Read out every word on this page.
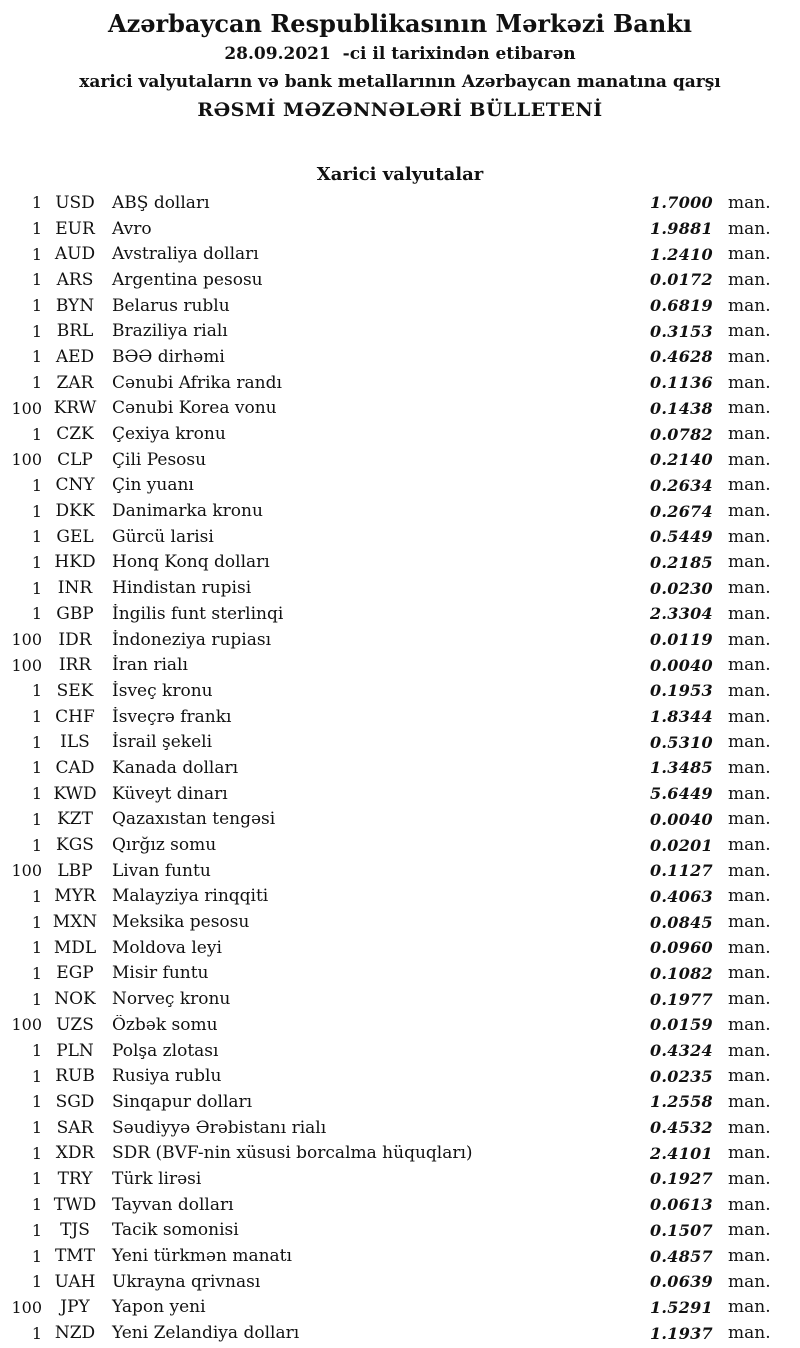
Azərbaycan Respublikasının Mərkəzi Bankı
28.09.2021  -ci il tarixindən etibarən
xarici valyutaların və bank metallarının Azərbaycan manatına qarşı
RƏSMİ MƏZƏNNƏLƏRİ BÜLLETENİ
Xarici valyutalar
1 USD	ABŞ dolları	1.7000 man.
1 EUR	Avro	1.9881 man.
1 AUD Avstraliya dolları	1.2410 man.
1 ARS	Argentina pesosu	0.0172 man.
1 BYN	Belarus rublu	0.6819 man.
1 BRL	Braziliya rialı	0.3153 man.
1 AED	BƏƏ dirhəmi	0.4628 man.
1 ZAR	Cənubi Afrika randı	0.1136 man.
100 KRW Cənubi Korea vonu	0.1438 man.
1 CZK	Çexiya kronu	0.0782 man.
100 CLP	Çili Pesosu	0.2140 man.
1 CNY	Çin yuanı	0.2634 man.
1 DKK	Danimarka kronu	0.2674 man.
1 GEL	Gürcü larisi	0.5449 man.
1 HKD Honq Konq dolları	0.2185 man.
1 INR	Hindistan rupisi	0.0230 man.
1 GBP	İngilis funt sterlinqi	2.3304 man.
100 IDR	İndoneziya rupiası	0.0119 man.
100 IRR	İran rialı	0.0040 man.
1 SEK	İsveç kronu	0.1953 man.
1 CHF	İsveçrə frankı	1.8344 man.
1	ILS	İsrail şekeli	0.5310 man.
1 CAD	Kanada dolları	1.3485 man.
1 KWD Küveyt dinarı	5.6449 man.
1 KZT	Qazaxıstan tengəsi	0.0040 man.
1 KGS	Qırğız somu	0.0201 man.
100 LBP	Livan funtu	0.1127 man.
1 MYR Malayziya rinqqiti	0.4063 man.
1 MXN Meksika pesosu	0.0845 man.
1 MDL Moldova leyi	0.0960 man.
1 EGP	Misir funtu	0.1082 man.
1 NOK Norveç kronu	0.1977 man.
100 UZS	Özbək somu	0.0159 man.
1 PLN	Polşa zlotası	0.4324 man.
1 RUB	Rusiya rublu	0.0235 man.
1 SGD	Sinqapur dolları	1.2558 man.
1 SAR	Səudiyyə Ərəbistanı rialı	0.4532 man.
1 XDR	SDR (BVF-nin xüsusi borcalma hüquqları)	2.4101 man.
1 TRY	Türk lirəsi	0.1927 man.
1 TWD Tayvan dolları	0.0613 man.
1	TJS	Tacik somonisi	0.1507 man.
1 TMT Yeni türkmən manatı	0.4857 man.
1 UAH Ukrayna qrivnası	0.0639 man.
100	JPY	Yapon yeni	1.5291 man.
1 NZD Yeni Zelandiya dolları	1.1937 man.
